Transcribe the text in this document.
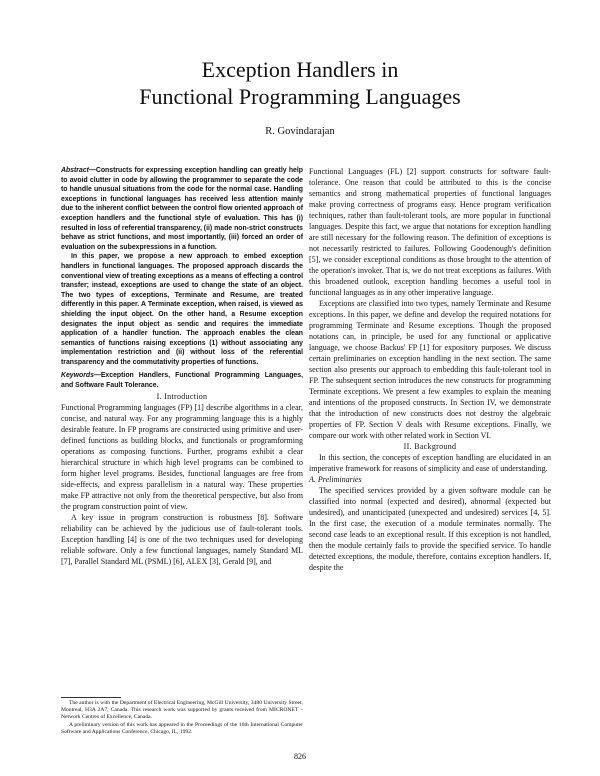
Exception Handlers in
Functional Programming Languages
R. Govindarajan

Abstract—Constructs for expressing exception handling can greatly help to avoid clutter in code by allowing the programmer to separate the code to handle unusual situations from the code for the normal case. Handling exceptions in functional languages has received less attention mainly due to the inherent conflict between the control flow oriented approach of exception handlers and the functional style of evaluation. This has (i) resulted in loss of referential transparency, (ii) made non-strict constructs behave as strict functions, and most importantly, (iii) forced an order of evaluation on the subexpressions in a function.

In this paper, we propose a new approach to embed exception handlers in functional languages. The proposed approach discards the conventional view of treating exceptions as a means of effecting a control transfer; instead, exceptions are used to change the state of an object. The two types of exceptions, Terminate and Resume, are treated differently in this paper. A Terminate exception, when raised, is viewed as shielding the input object. On the other hand, a Resume exception designates the input object as sendic and requires the immediate application of a handler function. The approach enables the clean semantics of functions raising exceptions (1) without associating any implementation restriction and (ii) without loss of the referential transparency and the commutativity properties of functions.

Keywords—Exception Handlers, Functional Programming Languages, and Software Fault Tolerance.

I. Introduction

Functional Programming languages (FP) [1] describe algorithms in a clear, concise, and natural way. For any programming language this is a highly desirable feature. In FP programs are constructed using primitive and user-defined functions as building blocks, and functionals or programforming operations as composing functions. Further, programs exhibit a clear hierarchical structure in which high level programs can be combined to form higher level programs. Besides, functional languages are free from side-effects, and express parallelism in a natural way. These properties make FP attractive not only from the theoretical perspective, but also from the program construction point of view.

A key issue in program construction is robustness [8]. Software reliability can be achieved by the judicious use of fault-tolerant tools. Exception handling [4] is one of the two techniques used for developing reliable software. Only a few functional languages, namely Standard ML [7], Parallel Standard ML (PSML) [6], ALEX [3], Gerald [9], and

Functional Languages (FL) [2] support constructs for software fault-tolerance. One reason that could be attributed to this is the concise semantics and strong mathematical properties of functional languages make proving correctness of programs easy. Hence program verification techniques, rather than fault-tolerant tools, are more popular in functional languages. Despite this fact, we argue that notations for exception handling are still necessary for the following reason. The definition of exceptions is not necessarily restricted to failures. Following Goodenough's definition [5], we consider exceptional conditions as those brought to the attention of the operation's invoker. That is, we do not treat exceptions as failures. With this broadened outlook, exception handling becomes a useful tool in functional languages as in any other imperative language.

Exceptions are classified into two types, namely Terminate and Resume exceptions. In this paper, we define and develop the required notations for programming Terminate and Resume exceptions. Though the proposed notations can, in principle, be used for any functional or applicative language, we choose Backus' FP [1] for expository purposes. We discuss certain preliminaries on exception handling in the next section. The same section also presents our approach to embedding this fault-tolerant tool in FP. The subsequent section introduces the new constructs for programming Terminate exceptions. We present a few examples to explain the meaning and intentions of the proposed constructs. In Section IV, we demonstrate that the introduction of new constructs does not destroy the algebraic properties of FP. Section V deals with Resume exceptions. Finally, we compare our work with other related work in Section VI.

II. Background

In this section, the concepts of exception handling are elucidated in an imperative framework for reasons of simplicity and ease of understanding.

A. Preliminaries

The specified services provided by a given software module can be classified into normal (expected and desired), abnormal (expected but undesired), and unanticipated (unexpected and undesired) services [4, 5]. In the first case, the execution of a module terminates normally. The second case leads to an exceptional result. If this exception is not handled, then the module certainly fails to provide the specified service. To handle detected exceptions, the module, therefore, contains exception handlers. If, despite the

The author is with the Department of Electrical Engineering, McGill University, 3480 University Street, Montreal, H3A 2A7, Canada. This research work was supported by grants received from MICRONET – Network Centres of Excellence, Canada.

A preliminary version of this work has appeared in the Proceedings of the 16th International Computer Software and Applications Conference, Chicago, IL, 1992.

826
